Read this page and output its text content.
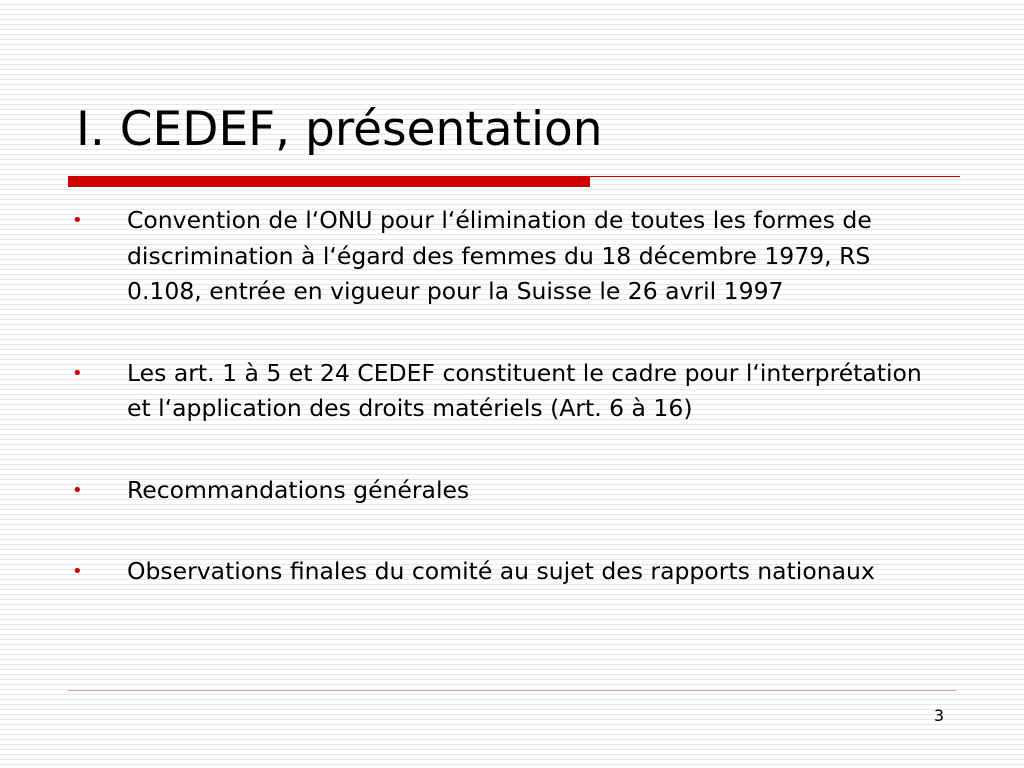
I. CEDEF, présentation
• Convention de l‘ONU pour l‘élimination de toutes les formes de discrimination à l‘égard des femmes du 18 décembre 1979, RS 0.108, entrée en vigueur pour la Suisse le 26 avril 1997
• Les art. 1 à 5 et 24 CEDEF constituent le cadre pour l‘interprétation et l‘application des droits matériels (Art. 6 à 16)
• Recommandations générales
• Observations finales du comité au sujet des rapports nationaux
3
